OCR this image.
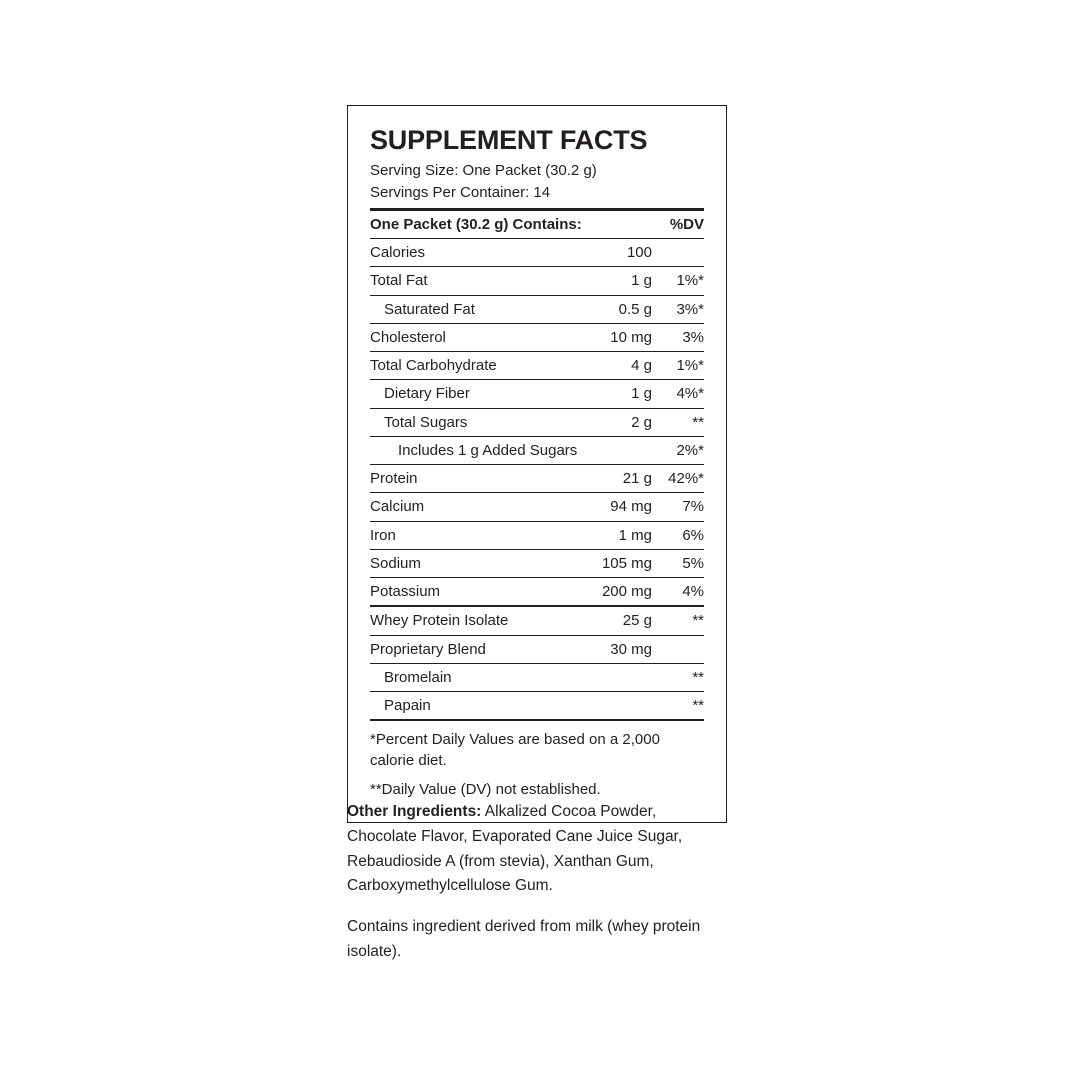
SUPPLEMENT FACTS
Serving Size: One Packet (30.2 g)
Servings Per Container: 14
One Packet (30.2 g) Contains:		%DV
Calories	100	
Total Fat	1 g	1%*
Saturated Fat	0.5 g	3%*
Cholesterol	10 mg	3%
Total Carbohydrate	4 g	1%*
Dietary Fiber	1 g	4%*
Total Sugars	2 g	**
Includes 1 g Added Sugars		2%*
Protein	21 g	42%*
Calcium	94 mg	7%
Iron	1 mg	6%
Sodium	105 mg	5%
Potassium	200 mg	4%
Whey Protein Isolate	25 g	**
Proprietary Blend	30 mg	
Bromelain		**
Papain		**

*Percent Daily Values are based on a 2,000 calorie diet.

**Daily Value (DV) not established.

Other Ingredients: Alkalized Cocoa Powder, Chocolate Flavor, Evaporated Cane Juice Sugar, Rebaudioside A (from stevia), Xanthan Gum, Carboxymethylcellulose Gum.

Contains ingredient derived from milk (whey protein isolate).
